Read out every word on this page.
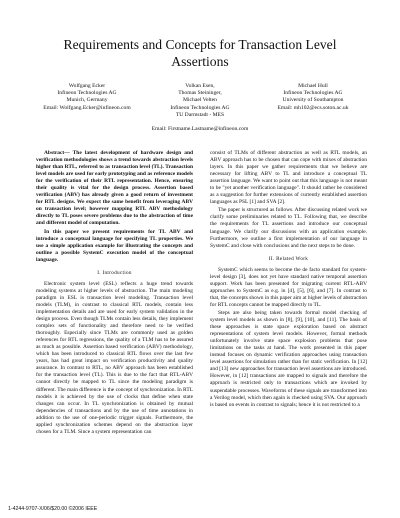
Requirements and Concepts for Transaction Level
Assertions
Wolfgang Ecker
Infineon Technologies AG
Munich, Germany
Email: Wolfgang.Ecker@infineon.com
Volkan Esen,
Thomas Steininger,
Michael Velten
Infineon Technologies AG
TU Darmstadt - MES
Michael Hull
Infineon Technologies AG
University of Southampton
Email: mh102@ecs.soton.ac.uk
Email: Firstname.Lastname@infineon.com

Abstract— The latest development of hardware design and verification methodologies shows a trend towards abstraction levels higher than RTL, referred to as transaction level (TL). Transaction level models are used for early prototyping and as reference models for the verification of their RTL representation. Hence, ensuring their quality is vital for the design process. Assertion based verification (ABV) has already given a good return of investment for RTL designs. We expect the same benefit from leveraging ABV on transaction level; however mapping RTL ABV methodology directly to TL poses severe problems due to the abstraction of time and different model of computation.

In this paper we present requirements for TL ABV and introduce a conceptual language for specifying TL properties. We use a simple application example for illustrating the concepts and outline a possible SystemC execution model of the conceptual language.

I. Introduction

Electronic system level (ESL) reflects a huge trend towards modeling systems at higher levels of abstraction. The main modeling paradigm in ESL is transaction level modeling. Transaction level models (TLM), in contrast to classical RTL models, contain less implementation details and are used for early system validation in the design process. Even though TLMs contain less details, they implement complex sets of functionality and therefore need to be verified thoroughly. Especially since TLMs are commonly used as golden references for RTL regressions, the quality of a TLM has to be assured as much as possible. Assertion based verification (ABV) methodology, which has been introduced to classical RTL flows over the last few years, has had great impact on verification productivity and quality assurance. In contrast to RTL, no ABV approach has been established for the transaction level (TL). This is due to the fact that RTL-ABV cannot directly be mapped to TL since the modeling paradigm is different. The main difference is the concept of synchronization. In RTL models it is achieved by the use of clocks that define when state changes can occur. In TL synchronization is obtained by mutual dependencies of transactions and by the use of time annotations in addition to the use of one-periodic trigger signals. Furthermore, the applied synchronization schemes depend on the abstraction layer chosen for a TLM. Since a system representation can

consist of TLMs of different abstraction as well as RTL models, an ABV approach has to be chosen that can cope with mixes of abstraction layers. In this paper we gather requirements that we believe are necessary for lifting ABV to TL and introduce a conceptual TL assertion language. We want to point out that this language is not meant to be "yet another verification language". It should rather be considered as a suggestion for further extensions of currently established assertion languages as PSL [1] and SVA [2].

The paper is structured as follows. After discussing related work we clarify some preliminaries related to TL. Following that, we describe the requirements for TL assertions and introduce our conceptual language. We clarify our discussions with an application example. Furthermore, we outline a first implementation of our language in SystemC and close with conclusions and the next steps to be done.

II. Related Work

SystemC which seems to become the de facto standard for system-level design [3], does not yet have standard native temporal assertion support. Work has been presented for migrating current RTL-ABV approaches to SystemC as e.g. in [4], [5], [6], and [7]. In contrast to that, the concepts shown in this paper aim at higher levels of abstraction for RTL concepts cannot be mapped directly to TL.

Steps are also being taken towards formal model checking of system level models as shown in [8], [9], [10], and [11]. The basis of these approaches is state space exploration based on abstract representations of system level models. However, formal methods unfortunately involve state space explosion problems that pose limitations on the tasks at hand. The work presented in this paper instead focuses on dynamic verification approaches using transaction level assertions for simulation rather than for static verification. In [12] and [13] new approaches for transaction level assertions are introduced. However, in [12] transactions are mapped to signals and therefore the approach is restricted only to transactions which are invoked by suspendable processes. Waveforms of these signals are transformed into a Verilog model, which then again is checked using SVA. Our approach is based on events in contrast to signals; hence it is not restricted to a

1-4244-9707-X/06/$20.00 ©2006 IEEE
